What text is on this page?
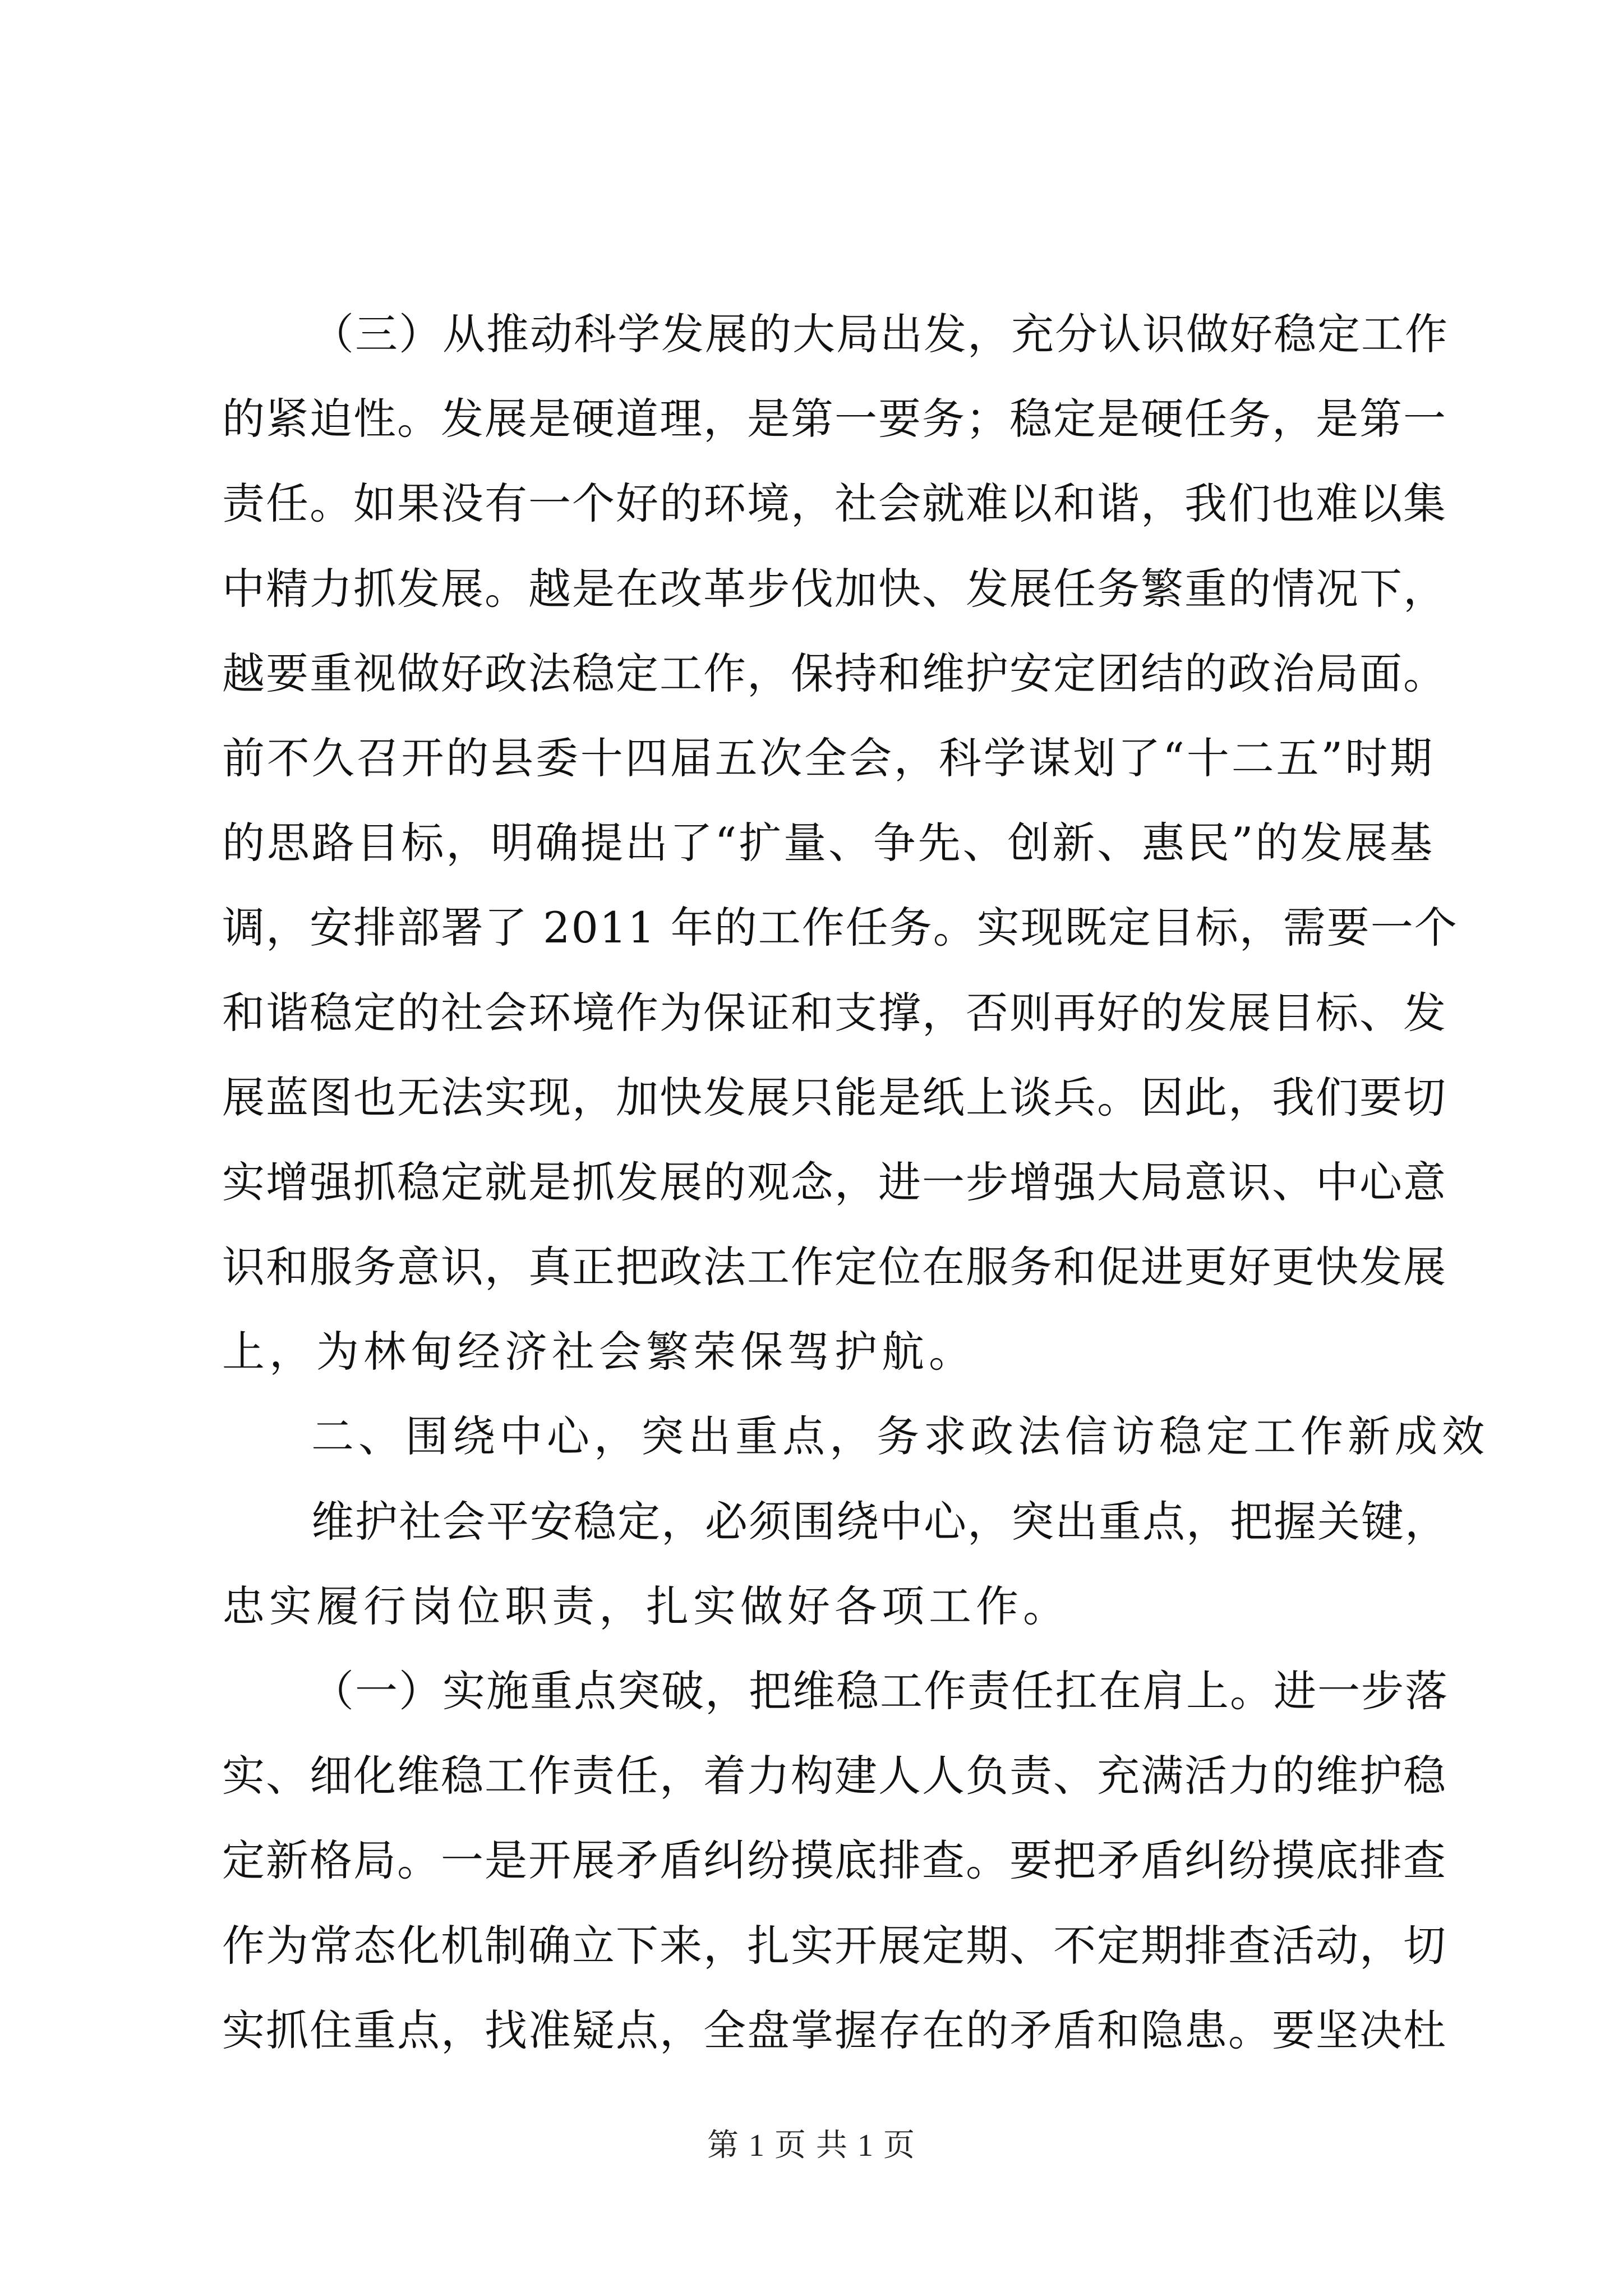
（三）从推动科学发展的大局出发，充分认识做好稳定工作
的紧迫性。发展是硬道理，是第一要务；稳定是硬任务，是第一
责任。如果没有一个好的环境，社会就难以和谐，我们也难以集
中精力抓发展。越是在改革步伐加快、发展任务繁重的情况下，
越要重视做好政法稳定工作，保持和维护安定团结的政治局面。
前不久召开的县委十四届五次全会，科学谋划了“十二五”时期
的思路目标，明确提出了“扩量、争先、创新、惠民”的发展基
调，安排部署了 2011 年的工作任务。实现既定目标，需要一个
和谐稳定的社会环境作为保证和支撑，否则再好的发展目标、发
展蓝图也无法实现，加快发展只能是纸上谈兵。因此，我们要切
实增强抓稳定就是抓发展的观念，进一步增强大局意识、中心意
识和服务意识，真正把政法工作定位在服务和促进更好更快发展
上，为林甸经济社会繁荣保驾护航。
二、围绕中心，突出重点，务求政法信访稳定工作新成效
维护社会平安稳定，必须围绕中心，突出重点，把握关键，
忠实履行岗位职责，扎实做好各项工作。
（一）实施重点突破，把维稳工作责任扛在肩上。进一步落
实、细化维稳工作责任，着力构建人人负责、充满活力的维护稳
定新格局。一是开展矛盾纠纷摸底排查。要把矛盾纠纷摸底排查
作为常态化机制确立下来，扎实开展定期、不定期排查活动，切
实抓住重点，找准疑点，全盘掌握存在的矛盾和隐患。要坚决杜
第 1 页 共 1 页
